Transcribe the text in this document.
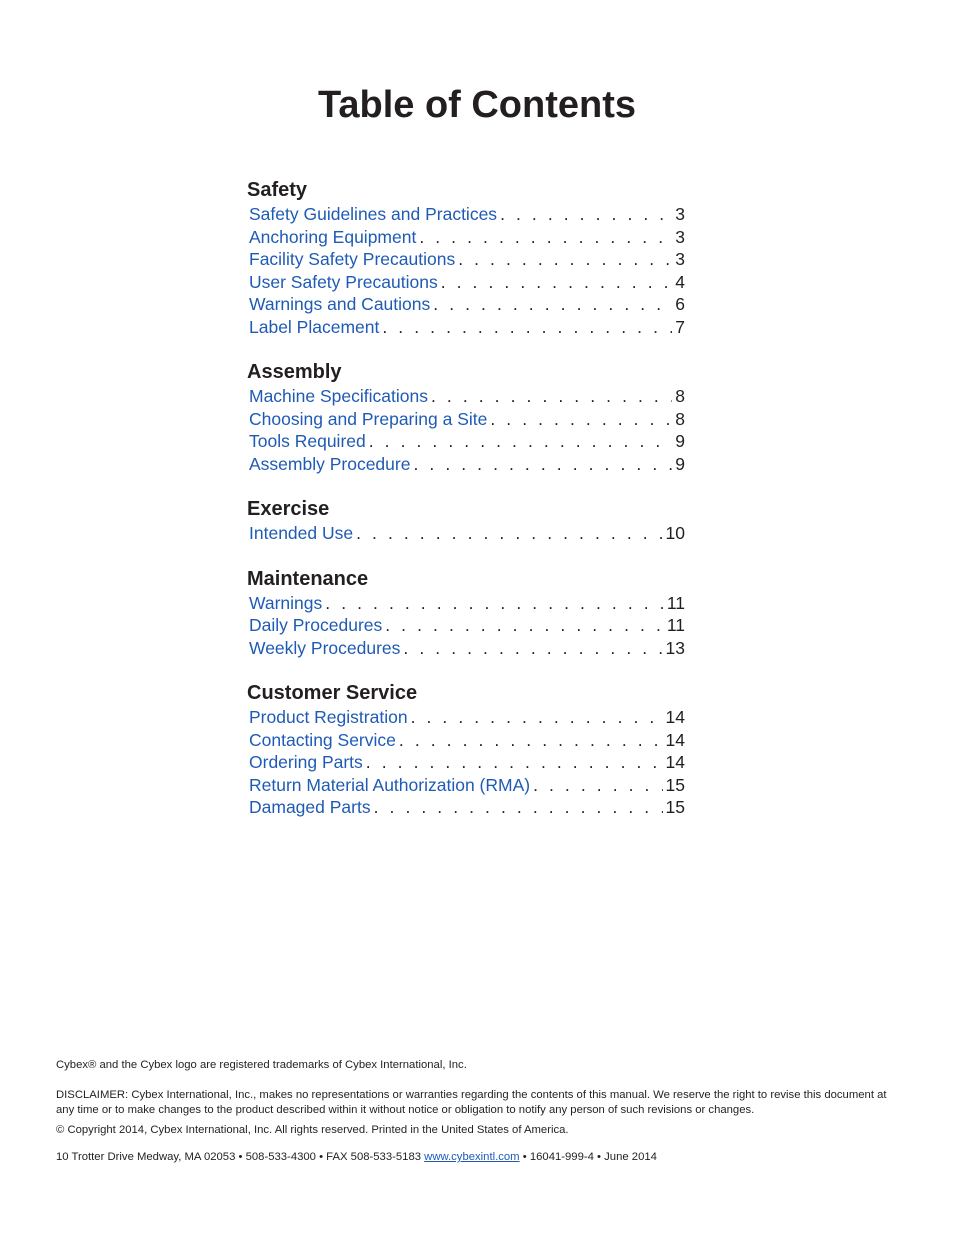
Table of Contents
Safety
Safety Guidelines and Practices . . .	3
Anchoring Equipment . . .	3
Facility Safety Precautions . . .	3
User Safety Precautions . . .	4
Warnings and Cautions . . .	6
Label Placement . . .	7
Assembly
Machine Specifications . . .	8
Choosing and Preparing a Site . . .	8
Tools Required . . .	9
Assembly Procedure . . .	9
Exercise
Intended Use . . .	10
Maintenance
Warnings . . .	11
Daily Procedures . . .	11
Weekly Procedures . . .	13
Customer Service
Product Registration . . .	14
Contacting Service . . .	14
Ordering Parts . . .	14
Return Material Authorization (RMA) . . .	15
Damaged Parts . . .	15

Cybex® and the Cybex logo are registered trademarks of Cybex International, Inc.

DISCLAIMER: Cybex International, Inc., makes no representations or warranties regarding the contents of this manual. We reserve the right to revise this document at any time or to make changes to the product described within it without notice or obligation to notify any person of such revisions or changes.

© Copyright 2014, Cybex International, Inc. All rights reserved. Printed in the United States of America.

10 Trotter Drive Medway, MA 02053 • 508-533-4300 • FAX 508-533-5183 www.cybexintl.com • 16041-999-4 • June 2014
